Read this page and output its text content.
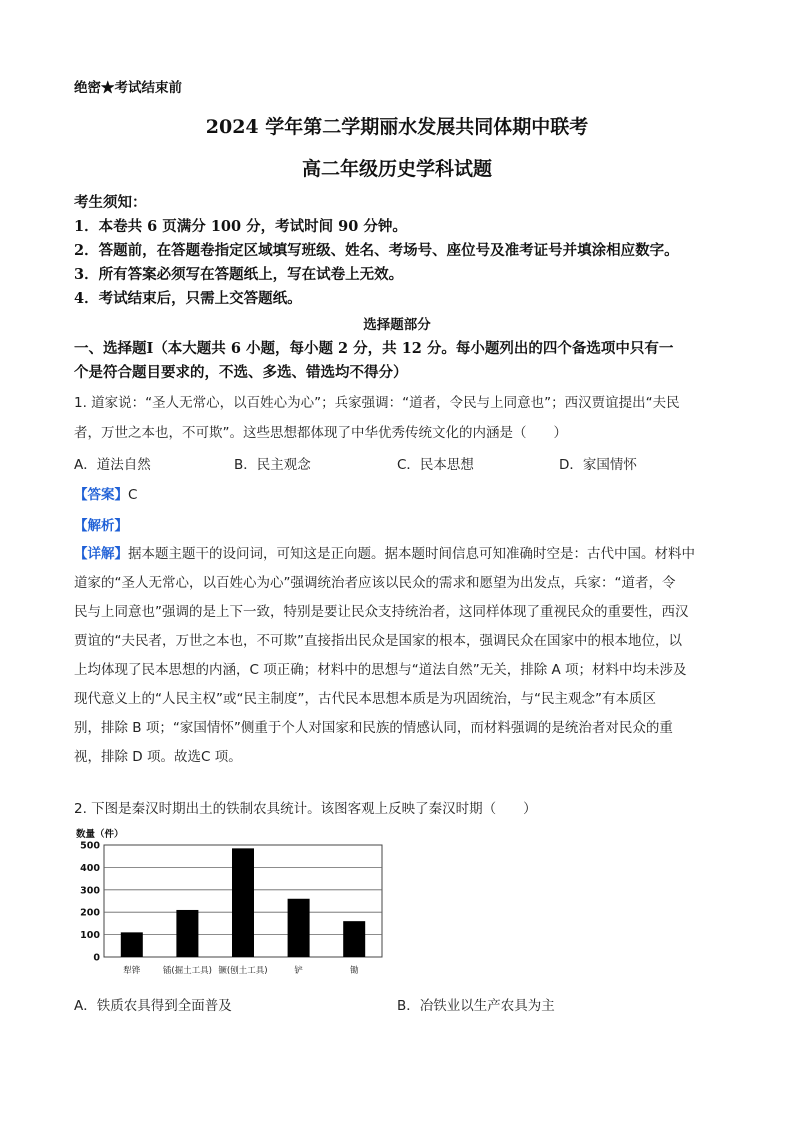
绝密★考试结束前
2024 学年第二学期丽水发展共同体期中联考
高二年级历史学科试题
考生须知：
1．本卷共 6 页满分 100 分，考试时间 90 分钟。
2．答题前，在答题卷指定区域填写班级、姓名、考场号、座位号及准考证号并填涂相应数字。
3．所有答案必须写在答题纸上，写在试卷上无效。
4．考试结束后，只需上交答题纸。
选择题部分
一、选择题Ⅰ（本大题共 6 小题，每小题 2 分，共 12 分。每小题列出的四个备选项中只有一
个是符合题目要求的，不选、多选、错选均不得分）
1. 道家说：“圣人无常心，以百姓心为心”；兵家强调：“道者，令民与上同意也”；西汉贾谊提出“夫民
者，万世之本也，不可欺”。这些思想都体现了中华优秀传统文化的内涵是（　　）
A．道法自然	B．民主观念	C．民本思想	D．家国情怀
【答案】C
【解析】
【详解】据本题主题干的设问词，可知这是正向题。据本题时间信息可知准确时空是：古代中国。材料中
道家的“圣人无常心，以百姓心为心”强调统治者应该以民众的需求和愿望为出发点，兵家：“道者，令
民与上同意也”强调的是上下一致，特别是要让民众支持统治者，这同样体现了重视民众的重要性，西汉
贾谊的“夫民者，万世之本也，不可欺”直接指出民众是国家的根本，强调民众在国家中的根本地位，以
上均体现了民本思想的内涵，C 项正确；材料中的思想与“道法自然”无关，排除 A 项；材料中均未涉及
现代意义上的“人民主权”或“民主制度”，古代民本思想本质是为巩固统治，与“民主观念”有本质区
别，排除 B 项；“家国情怀”侧重于个人对国家和民族的情感认同，而材料强调的是统治者对民众的重
视，排除 D 项。故选C 项。
2. 下图是秦汉时期出土的铁制农具统计。该图客观上反映了秦汉时期（　　）
数量（件）
0
100
200
300
400
500
犁铧	锸(掘土工具) 镢(刨土工具)	铲	锄
A．铁质农具得到全面普及	B．冶铁业以生产农具为主
